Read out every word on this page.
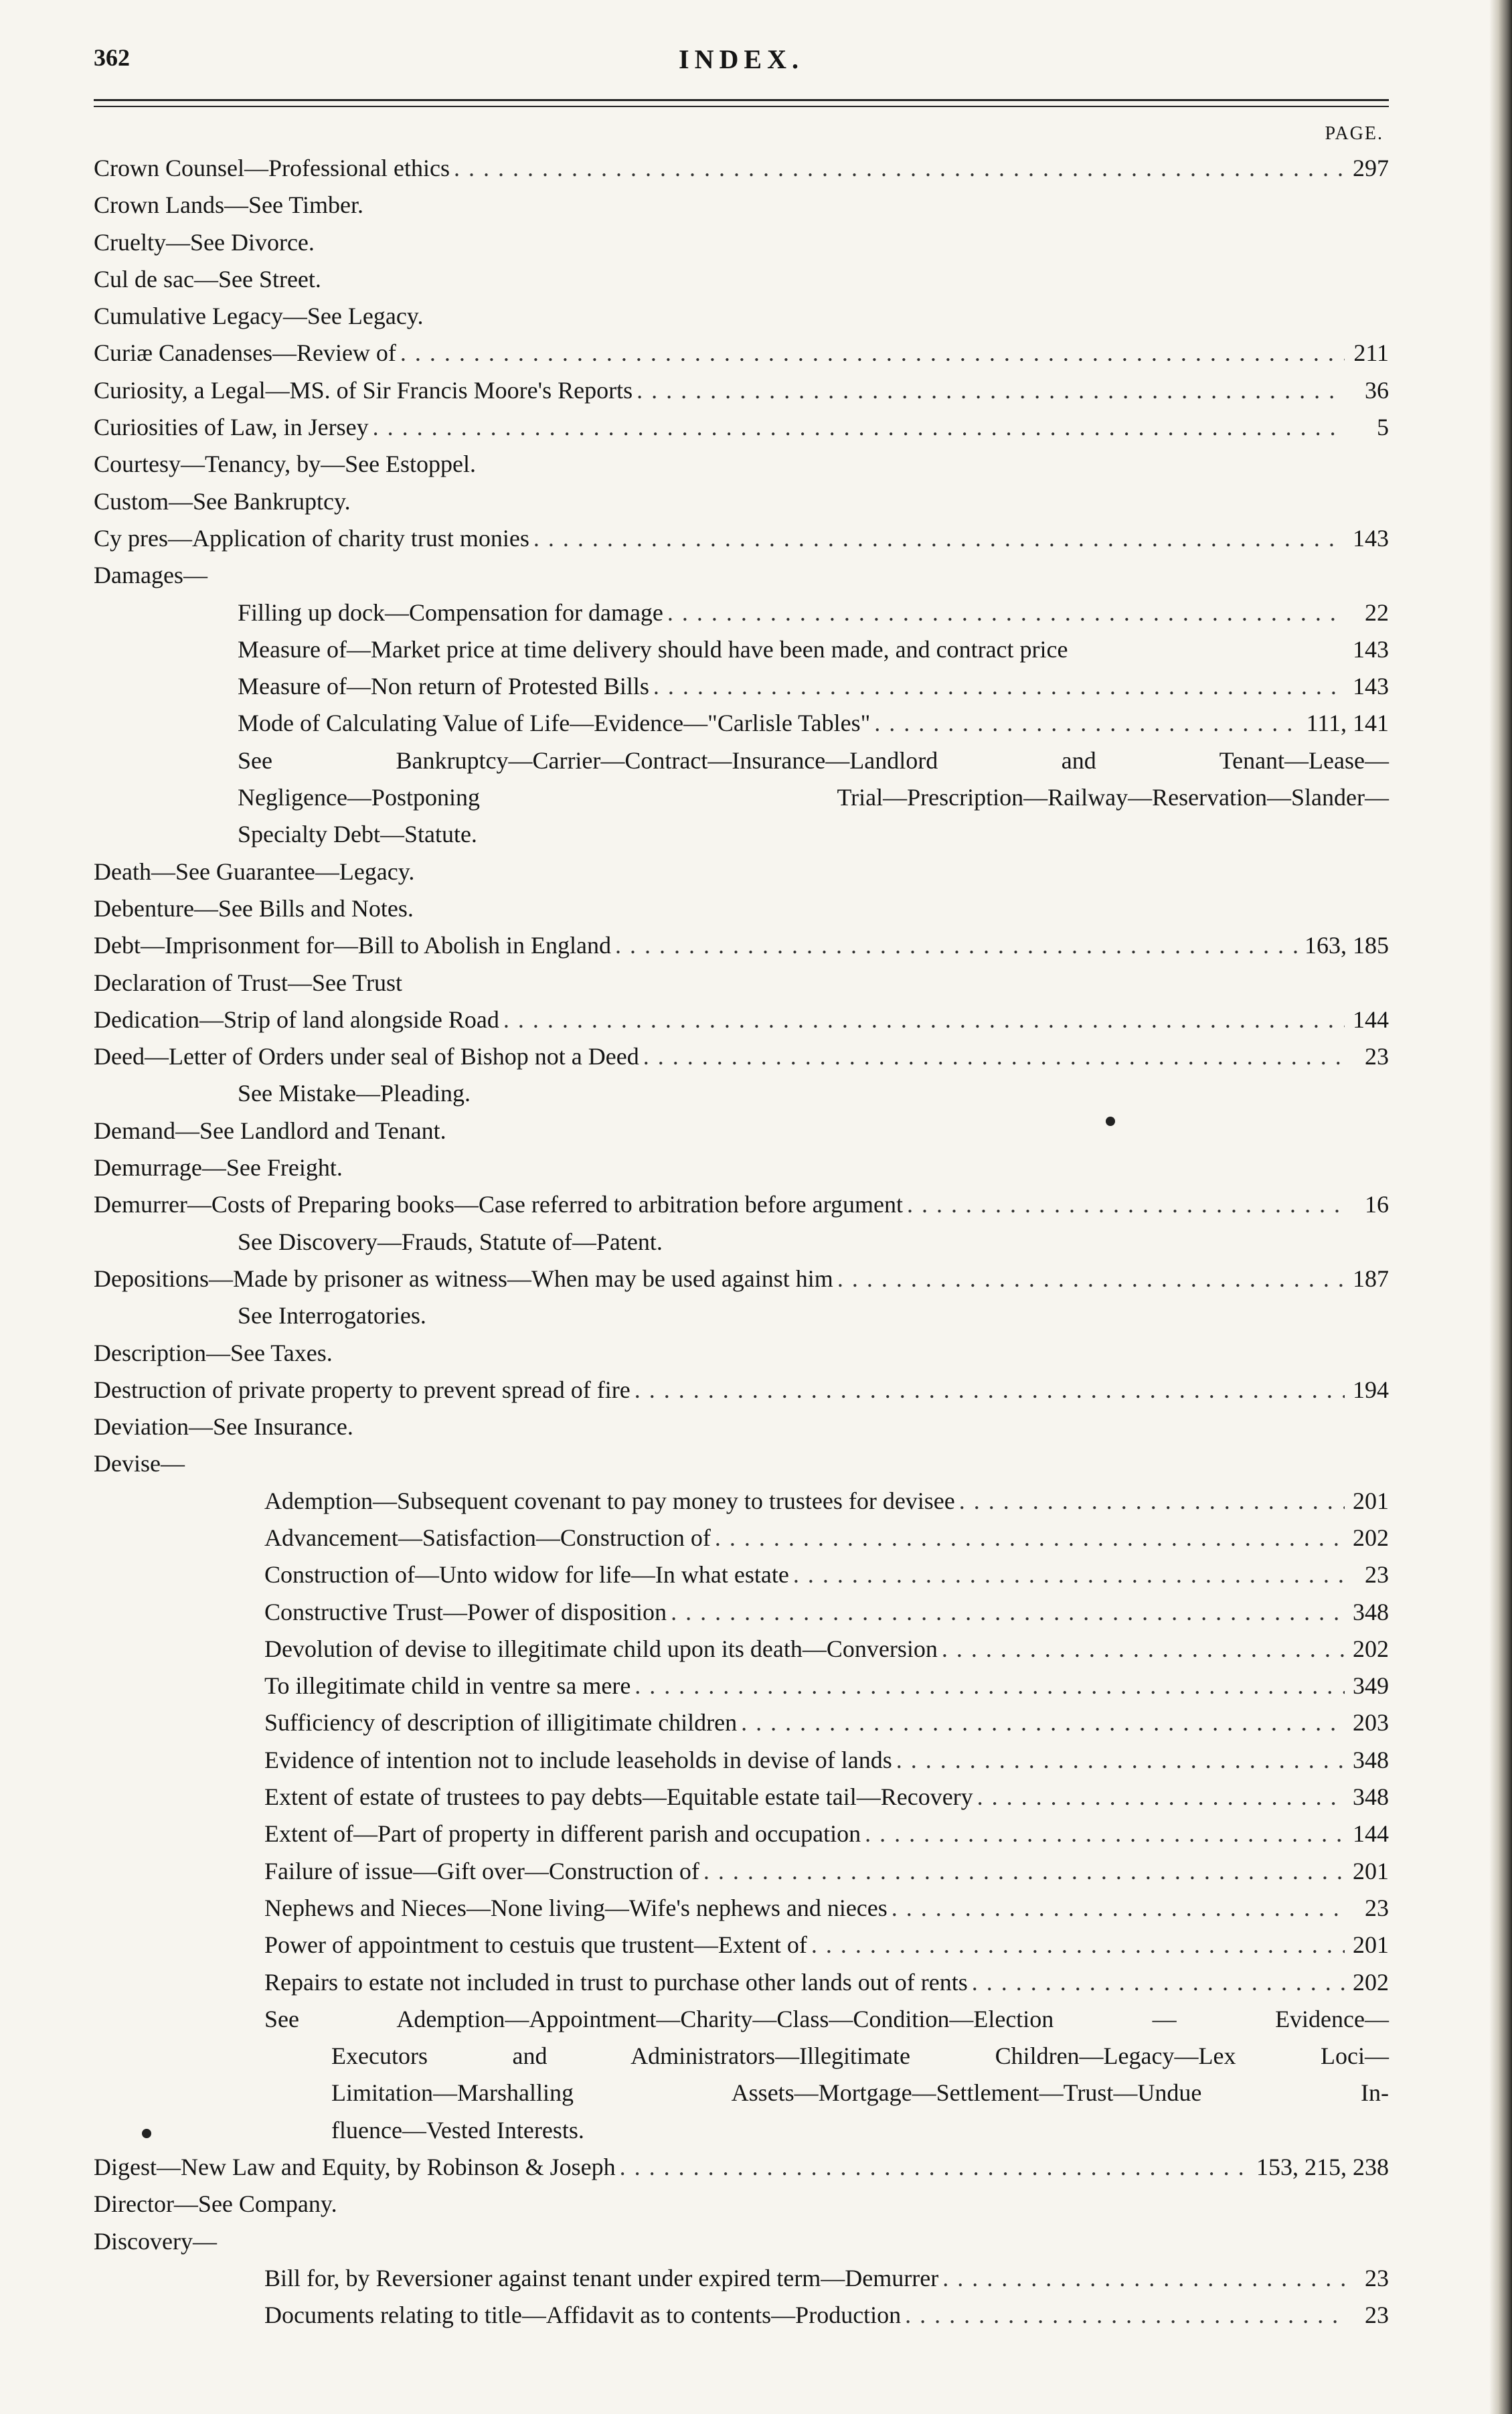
362	INDEX.
PAGE.
Crown Counsel—Professional ethics . . .	297
Crown Lands—See Timber.
Cruelty—See Divorce.
Cul de sac—See Street.
Cumulative Legacy—See Legacy.
Curiæ Canadenses—Review of . . .	211
Curiosity, a Legal—MS. of Sir Francis Moore's Reports . . .	36
Curiosities of Law, in Jersey . . .	5
Courtesy—Tenancy, by—See Estoppel.
Custom—See Bankruptcy.
Cy pres—Application of charity trust monies . . .	143
Damages—
Filling up dock—Compensation for damage . . .	22
Measure of—Market price at time delivery should have been made, and contract price	143
Measure of—Non return of Protested Bills . . .	143
Mode of Calculating Value of Life—Evidence—"Carlisle Tables" . . .	111, 141
See Bankruptcy—Carrier—Contract—Insurance—Landlord and Tenant—Lease—
Negligence—Postponing Trial—Prescription—Railway—Reservation—Slander—
Specialty Debt—Statute.
Death—See Guarantee—Legacy.
Debenture—See Bills and Notes.
Debt—Imprisonment for—Bill to Abolish in England . . .	163, 185
Declaration of Trust—See Trust
Dedication—Strip of land alongside Road . . .	144
Deed—Letter of Orders under seal of Bishop not a Deed . . .	23
See Mistake—Pleading.
Demand—See Landlord and Tenant.
Demurrage—See Freight.
Demurrer—Costs of Preparing books—Case referred to arbitration before argument . . .	16
See Discovery—Frauds, Statute of—Patent.
Depositions—Made by prisoner as witness—When may be used against him . . .	187
See Interrogatories.
Description—See Taxes.
Destruction of private property to prevent spread of fire . . .	194
Deviation—See Insurance.
Devise—
Ademption—Subsequent covenant to pay money to trustees for devisee . . .	201
Advancement—Satisfaction—Construction of . . .	202
Construction of—Unto widow for life—In what estate . . .	23
Constructive Trust—Power of disposition . . .	348
Devolution of devise to illegitimate child upon its death—Conversion . . .	202
To illegitimate child in ventre sa mere . . .	349
Sufficiency of description of illigitimate children . . .	203
Evidence of intention not to include leaseholds in devise of lands . . .	348
Extent of estate of trustees to pay debts—Equitable estate tail—Recovery . . .	348
Extent of—Part of property in different parish and occupation . . .	144
Failure of issue—Gift over—Construction of . . .	201
Nephews and Nieces—None living—Wife's nephews and nieces . . .	23
Power of appointment to cestuis que trustent—Extent of . . .	201
Repairs to estate not included in trust to purchase other lands out of rents . . .	202
See Ademption—Appointment—Charity—Class—Condition—Election — Evidence—
Executors and Administrators—Illegitimate Children—Legacy—Lex Loci—
Limitation—Marshalling Assets—Mortgage—Settlement—Trust—Undue In-
fluence—Vested Interests.
Digest—New Law and Equity, by Robinson & Joseph . . .	153, 215, 238
Director—See Company.
Discovery—
Bill for, by Reversioner against tenant under expired term—Demurrer . . .	23
Documents relating to title—Affidavit as to contents—Production . . .	23
